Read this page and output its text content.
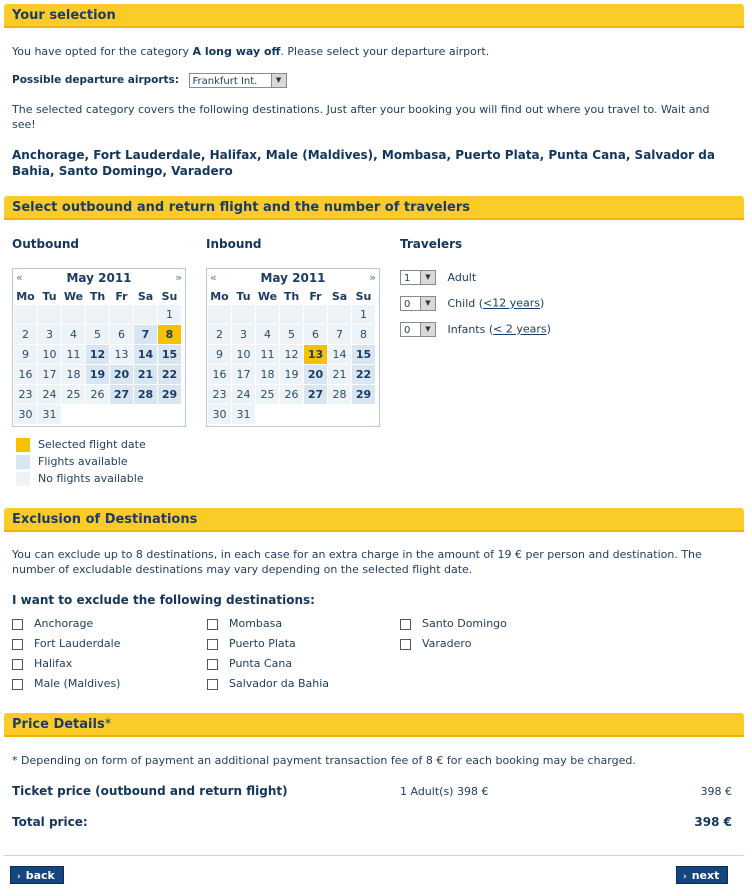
Your selection
You have opted for the category A long way off. Please select your departure airport.
Possible departure airports: Frankfurt Int.	▼
The selected category covers the following destinations. Just after your booking you will find out where you travel to. Wait and see!
Anchorage, Fort Lauderdale, Halifax, Male (Maldives), Mombasa, Puerto Plata, Punta Cana, Salvador da Bahia, Santo Domingo, Varadero
Select outbound and return flight and the number of travelers
Outbound	Inbound	Travelers
«	May 2011	»
Mo	Tu	We	Th	Fr	Sa	Su
						1
2	3	4	5	6	7	8
9	10	11	12	13	14	15
16	17	18	19	20	21	22
23	24	25	26	27	28	29
30	31					
«	May 2011	»
Mo	Tu	We	Th	Fr	Sa	Su
						1
2	3	4	5	6	7	8
9	10	11	12	13	14	15
16	17	18	19	20	21	22
23	24	25	26	27	28	29
30	31					
1	▼	Adult
0	▼	Child (<12 years)
0	▼	Infants (< 2 years)
Selected flight date
Flights available
No flights available
Exclusion of Destinations
You can exclude up to 8 destinations, in each case for an extra charge in the amount of 19 € per person and destination. The number of excludable destinations may vary depending on the selected flight date.
I want to exclude the following destinations:
Anchorage
Fort Lauderdale
Halifax
Male (Maldives)
Mombasa
Puerto Plata
Punta Cana
Salvador da Bahia
Santo Domingo
Varadero
Price Details*
* Depending on form of payment an additional payment transaction fee of 8 € for each booking may be charged.
Ticket price (outbound and return flight)	1 Adult(s) 398 €	398 €
Total price:	398 €
› back	› next
